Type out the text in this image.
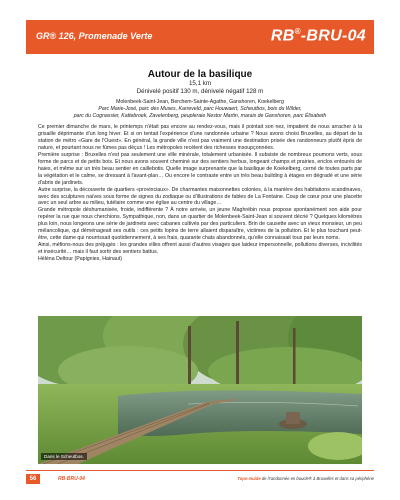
GR® 126, Promenade Verte	RB®-BRU-04
Autour de la basilique
15,1 km
Dénivelé positif 130 m, dénivelé négatif 128 m
Molenbeek-Saint-Jean, Berchem-Sainte-Agathe, Ganshoren, Koekelberg
Parc Marie-José, parc des Muses, Karreveld, parc Houwaert, Scheutbos, bois du Wilder,
parc du Cognassier, Kattebroek, Zavelenberg, peupleraie Nestor Martin, marais de Ganshoren, parc Élisabeth

Ce premier dimanche de mars, le printemps n'était pas encore au rendez-vous, mais il pointait son nez, impatient de nous arracher à la grisaille déprimante d'un long hiver. Et si on tentait l'expérience d'une randonnée urbaine ? Nous avons choisi Bruxelles, au départ de la station de métro «Gare de l'Ouest». En général, la grande ville n'est pas vraiment une destination prisée des randonneurs plutôt épris de nature, et pourtant nous ne fûmes pas déçus ! Les métropoles recèlent des richesses insoupçonnées.

Première surprise : Bruxelles n'est pas seulement une ville minérale, totalement urbanisée. Il subsiste de nombreux poumons verts, sous forme de parcs et de petits bois. Et nous avons souvent cheminé sur des sentiers herbus, longeant champs et prairies, enclos entourés de haies, et même sur un très beau sentier en caillebotis. Quelle image surprenante que la basilique de Koekelberg, cerné de toutes parts par la végétation et le calme, se dressant à l'avant-plan… Ou encore le contraste entre un très beau building à étages en dégradé et une série d'abris de jardinets.

Autre surprise, la découverte de quartiers «provinciaux». De charmantes maisonnettes colonies, à la manière des habitations scandinaves, avec des sculptures naïves sous forme de signes du zodiaque ou d'illustrations de fables de La Fontaine. Coup de cœur pour une placette avec un seul arbre au milieu, tutélaire comme une église au centre du village…

Grande métropole déshumanisée, froide, indifférente ? À notre arrivée, un jeune Maghrébin nous propose spontanément son aide pour repérer la rue que nous cherchions. Sympathique, non, dans un quartier de Molenbeek-Saint-Jean si souvent décrié ? Quelques kilomètres plus loin, nous longeons une série de jardinets avec cabanes cultivés par des particuliers. Brin de causette avec un vieux monsieur, un peu mélancolique, qui déménageait ses outils : ces petits lopins de terre allaient disparaître, victimes de la pollution. Et le plus touchant peut-être, cette dame qui nourrissait quotidiennement, à ses frais, quarante chats abandonnés, qu'elle connaissait tous par leurs noms.

Ainsi, méfions-nous des préjugés : les grandes villes offrent aussi d'autres visages que laideur impersonnelle, pollutions diverses, incivilités et insécurité… mais il faut sortir des sentiers battus.

Hélèna Deltour (Papignies, Hainaut)

Dans le Scheutbos.
56	RB-BRU-04	Topo-Guide de l'randonnée en boucle® à Bruxelles et dans sa périphérie
